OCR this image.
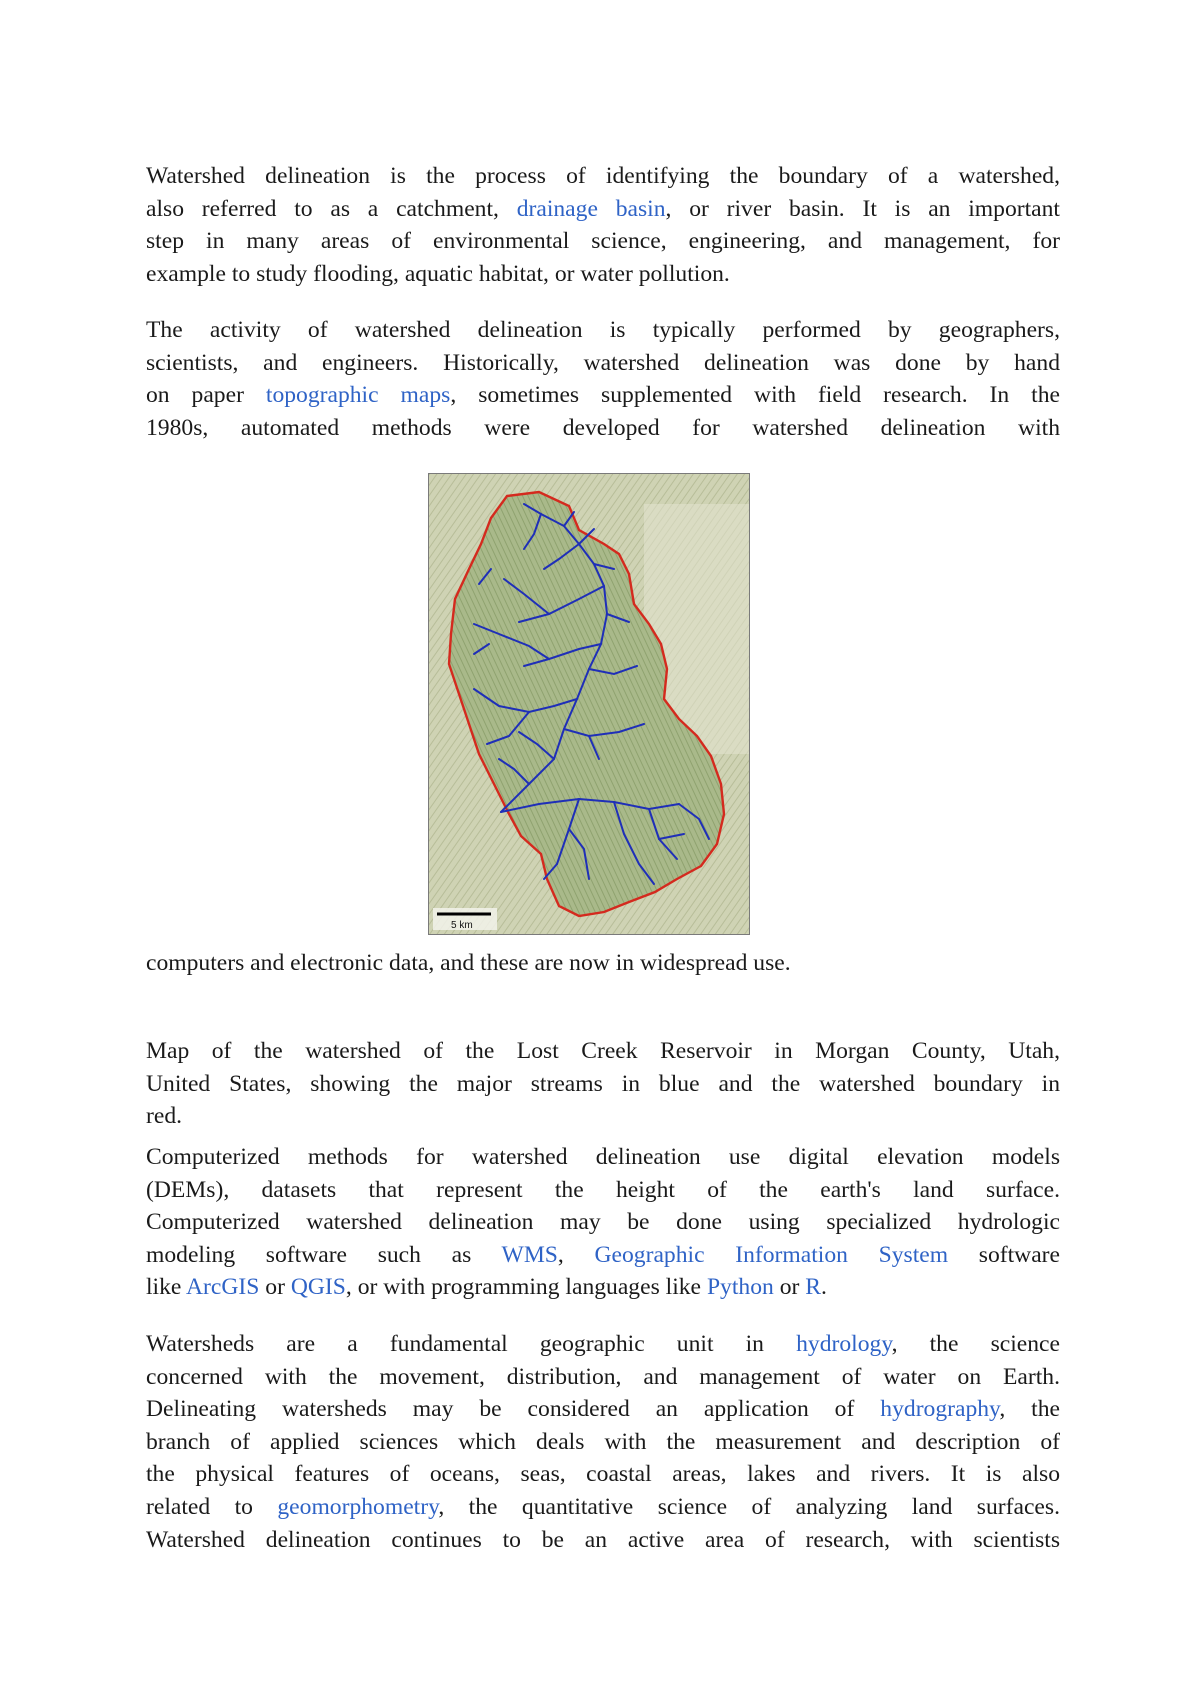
Watershed delineation is the process of identifying the boundary of a watershed,
also referred to as a catchment, drainage basin, or river basin. It is an important
step in many areas of environmental science, engineering, and management, for

example to study flooding, aquatic habitat, or water pollution.

The activity of watershed delineation is typically performed by geographers,
scientists, and engineers. Historically, watershed delineation was done by hand
on paper topographic maps, sometimes supplemented with field research. In the
1980s, automated methods were developed for watershed delineation with

5 km

computers and electronic data, and these are now in widespread use.

Map of the watershed of the Lost Creek Reservoir in Morgan County, Utah,
United States, showing the major streams in blue and the watershed boundary in

red.

Computerized methods for watershed delineation use digital elevation models
(DEMs), datasets that represent the height of the earth's land surface.
Computerized watershed delineation may be done using specialized hydrologic
modeling software such as WMS, Geographic Information System software

like ArcGIS or QGIS, or with programming languages like Python or R.

Watersheds are a fundamental geographic unit in hydrology, the science
concerned with the movement, distribution, and management of water on Earth.
Delineating watersheds may be considered an application of hydrography, the
branch of applied sciences which deals with the measurement and description of
the physical features of oceans, seas, coastal areas, lakes and rivers. It is also
related to geomorphometry, the quantitative science of analyzing land surfaces.
Watershed delineation continues to be an active area of research, with scientists
